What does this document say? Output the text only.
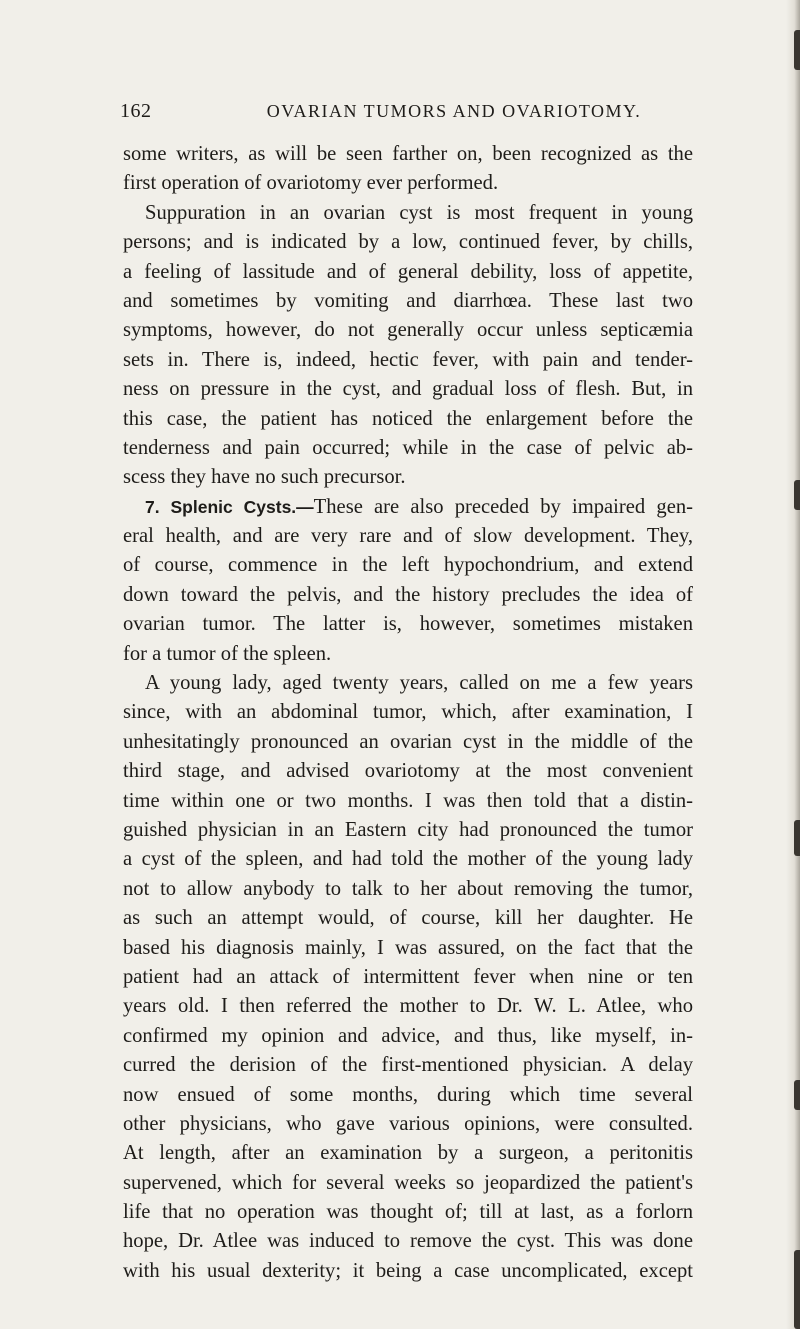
162	OVARIAN TUMORS AND OVARIOTOMY.
some writers, as will be seen farther on, been recognized as the
first operation of ovariotomy ever performed.
Suppuration in an ovarian cyst is most frequent in young
persons; and is indicated by a low, continued fever, by chills,
a feeling of lassitude and of general debility, loss of appetite,
and sometimes by vomiting and diarrhœa. These last two
symptoms, however, do not generally occur unless septicæmia
sets in. There is, indeed, hectic fever, with pain and tender-
ness on pressure in the cyst, and gradual loss of flesh. But, in
this case, the patient has noticed the enlargement before the
tenderness and pain occurred; while in the case of pelvic ab-
scess they have no such precursor.
7. Splenic Cysts.—These are also preceded by impaired gen-
eral health, and are very rare and of slow development. They,
of course, commence in the left hypochondrium, and extend
down toward the pelvis, and the history precludes the idea of
ovarian tumor. The latter is, however, sometimes mistaken
for a tumor of the spleen.
A young lady, aged twenty years, called on me a few years
since, with an abdominal tumor, which, after examination, I
unhesitatingly pronounced an ovarian cyst in the middle of the
third stage, and advised ovariotomy at the most convenient
time within one or two months. I was then told that a distin-
guished physician in an Eastern city had pronounced the tumor
a cyst of the spleen, and had told the mother of the young lady
not to allow anybody to talk to her about removing the tumor,
as such an attempt would, of course, kill her daughter. He
based his diagnosis mainly, I was assured, on the fact that the
patient had an attack of intermittent fever when nine or ten
years old. I then referred the mother to Dr. W. L. Atlee, who
confirmed my opinion and advice, and thus, like myself, in-
curred the derision of the first-mentioned physician. A delay
now ensued of some months, during which time several
other physicians, who gave various opinions, were consulted.
At length, after an examination by a surgeon, a peritonitis
supervened, which for several weeks so jeopardized the patient's
life that no operation was thought of; till at last, as a forlorn
hope, Dr. Atlee was induced to remove the cyst. This was done
with his usual dexterity; it being a case uncomplicated, except
